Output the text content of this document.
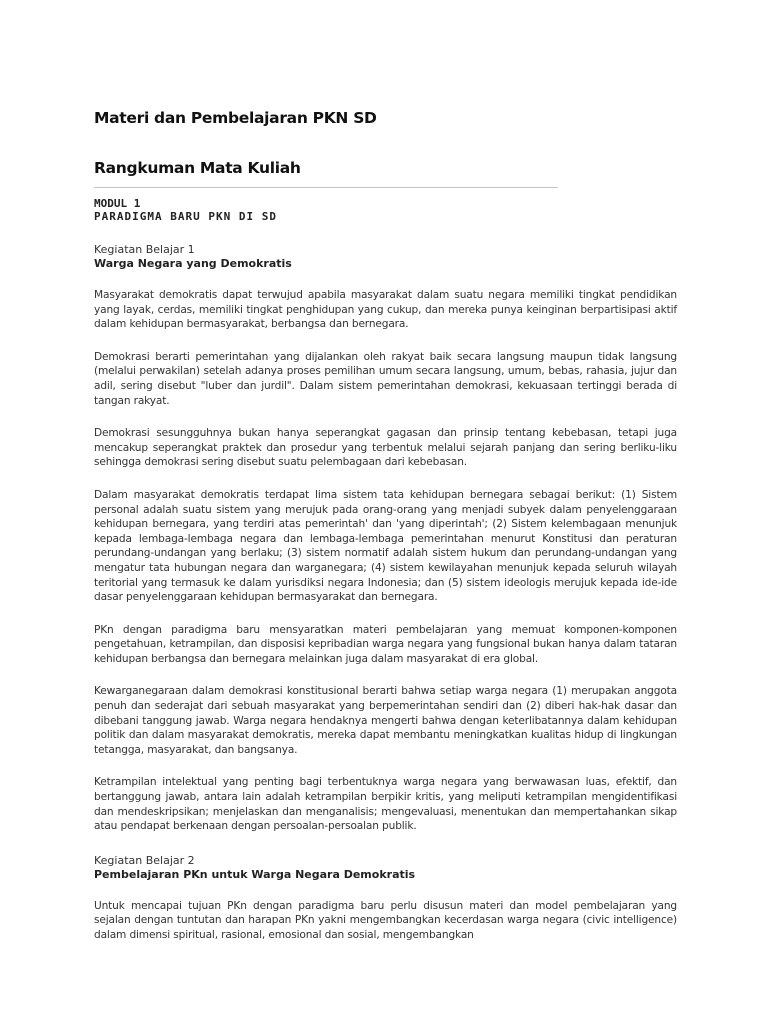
Materi dan Pembelajaran PKN SD
Rangkuman Mata Kuliah
MODUL 1
PARADIGMA BARU PKN DI SD
Kegiatan Belajar 1
Warga Negara yang Demokratis

Masyarakat demokratis dapat terwujud apabila masyarakat dalam suatu negara memiliki tingkat pendidikan yang layak, cerdas, memiliki tingkat penghidupan yang cukup, dan mereka punya keinginan berpartisipasi aktif dalam kehidupan bermasyarakat, berbangsa dan bernegara.

Demokrasi berarti pemerintahan yang dijalankan oleh rakyat baik secara langsung maupun tidak langsung (melalui perwakilan) setelah adanya proses pemilihan umum secara langsung, umum, bebas, rahasia, jujur dan adil, sering disebut "luber dan jurdil". Dalam sistem pemerintahan demokrasi, kekuasaan tertinggi berada di tangan rakyat.

Demokrasi sesungguhnya bukan hanya seperangkat gagasan dan prinsip tentang kebebasan, tetapi juga mencakup seperangkat praktek dan prosedur yang terbentuk melalui sejarah panjang dan sering berliku-liku sehingga demokrasi sering disebut suatu pelembagaan dari kebebasan.

Dalam masyarakat demokratis terdapat lima sistem tata kehidupan bernegara sebagai berikut: (1) Sistem personal adalah suatu sistem yang merujuk pada orang-orang yang menjadi subyek dalam penyelenggaraan kehidupan bernegara, yang terdiri atas pemerintah' dan 'yang diperintah'; (2) Sistem kelembagaan menunjuk kepada lembaga-lembaga negara dan lembaga-lembaga pemerintahan menurut Konstitusi dan peraturan perundang-undangan yang berlaku; (3) sistem normatif adalah sistem hukum dan perundang-undangan yang mengatur tata hubungan negara dan warganegara; (4) sistem kewilayahan menunjuk kepada seluruh wilayah teritorial yang termasuk ke dalam yurisdiksi negara Indonesia; dan (5) sistem ideologis merujuk kepada ide-ide dasar penyelenggaraan kehidupan bermasyarakat dan bernegara.

PKn dengan paradigma baru mensyaratkan materi pembelajaran yang memuat komponen-komponen pengetahuan, ketrampilan, dan disposisi kepribadian warga negara yang fungsional bukan hanya dalam tataran kehidupan berbangsa dan bernegara melainkan juga dalam masyarakat di era global.

Kewarganegaraan dalam demokrasi konstitusional berarti bahwa setiap warga negara (1) merupakan anggota penuh dan sederajat dari sebuah masyarakat yang berpemerintahan sendiri dan (2) diberi hak-hak dasar dan dibebani tanggung jawab. Warga negara hendaknya mengerti bahwa dengan keterlibatannya dalam kehidupan politik dan dalam masyarakat demokratis, mereka dapat membantu meningkatkan kualitas hidup di lingkungan tetangga, masyarakat, dan bangsanya.

Ketrampilan intelektual yang penting bagi terbentuknya warga negara yang berwawasan luas, efektif, dan bertanggung jawab, antara lain adalah ketrampilan berpikir kritis, yang meliputi ketrampilan mengidentifikasi dan mendeskripsikan; menjelaskan dan menganalisis; mengevaluasi, menentukan dan mempertahankan sikap atau pendapat berkenaan dengan persoalan-persoalan publik.

Kegiatan Belajar 2
Pembelajaran PKn untuk Warga Negara Demokratis

Untuk mencapai tujuan PKn dengan paradigma baru perlu disusun materi dan model pembelajaran yang sejalan dengan tuntutan dan harapan PKn yakni mengembangkan kecerdasan warga negara (civic intelligence) dalam dimensi spiritual, rasional, emosional dan sosial, mengembangkan
